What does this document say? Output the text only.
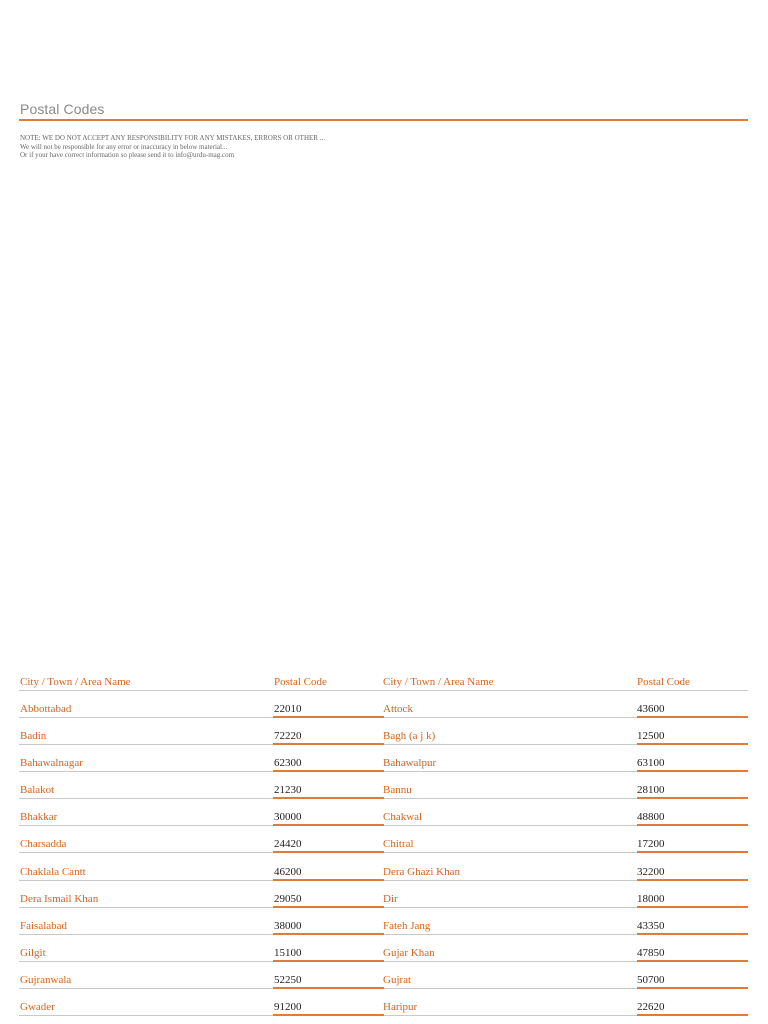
Postal Codes
NOTE: WE DO NOT ACCEPT ANY RESPONSIBILITY FOR ANY MISTAKES, ERRORS OR OTHER ...
We will not be responsible for any error or inaccuracy in below material...
Or if your have correct information so please send it to info@urdu-mag.com
City / Town / Area Name	Postal Code	City / Town / Area Name	Postal Code
Abbottabad	22010	Attock	43600
Badin	72220	Bagh (a j k)	12500
Bahawalnagar	62300	Bahawalpur	63100
Balakot	21230	Bannu	28100
Bhakkar	30000	Chakwal	48800
Charsadda	24420	Chitral	17200
Chaklala Cantt	46200	Dera Ghazi Khan	32200
Dera Ismail Khan	29050	Dir	18000
Faisalabad	38000	Fateh Jang	43350
Gilgit	15100	Gujar Khan	47850
Gujranwala	52250	Gujrat	50700
Gwader	91200	Haripur	22620
